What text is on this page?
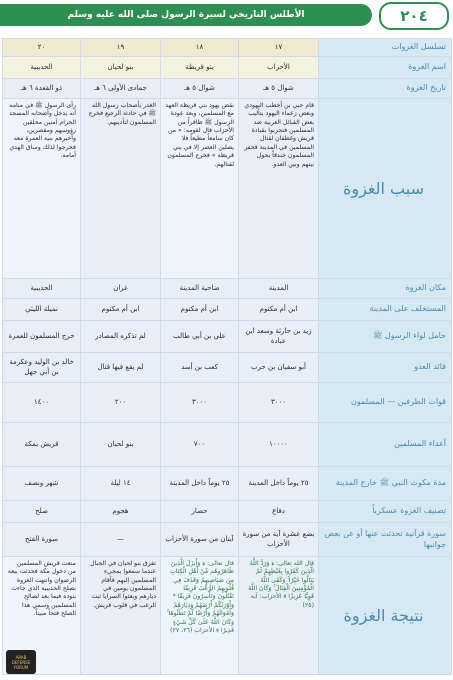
الأطلس التاريخي لسيرة الرسول صلى الله عليه وسلم	٢٠٤
تسلسل الغزوات	١٧	١٨	١٩	٢٠
اسم الغزوة	الأحزاب	بنو قريظة	بنو لحيان	الحديبية
تاريخ الغزوة	شوال ٥ هـ	شوال ٥ هـ	جمادى الأولى ٦ هـ	ذو القعدة ٦ هـ
سبب الغزوة	قام حيي بن أخطب اليهودي وبعض زعماء اليهود بتأليب بعض القبائل العربية ضد المسلمين فتحزبوا بقيادة قريش وغطفان لقتال المسلمين في المدينة فحفر المسلمون خندقاً يحول بينهم وبين العدو.	نقض يهود بني قريظة العهد مع المسلمين، وبعد عودة الرسول ﷺ ظافراً من الأحزاب قال لقومه: « من كان سامعاً مطيعاً فلا يصلين العصر إلا في بني قريظة » فخرج المسلمون لقتالهم.	الغدر بأصحاب رسول الله ﷺ في حادثة الرجيع فخرج المسلمون لتأديبهم.	رأى الرسول ﷺ في منامه أنه يدخل وأصحابه المسجد الحرام آمنين محلقين رؤوسهم ومقصرين، وأخبرهم بنية العمرة معه فخرجوا لذلك وساق الهدي أمامه.
مكان الغزوة	المدينة	ضاحية المدينة	غران	الحديبية
المستخلف على المدينة	ابن أم مكتوم	ابن أم مكتوم	ابن أم مكتوم	نميلة الليثي
حامل لواء الرسول ﷺ	زيد بن حارثة وسعد ابن عبادة	علي بن أبي طالب	لم تذكره المصادر	خرج المسلمون للعمرة
قائد العدو	أبو سفيان بن حرب	كعب بن أسد	لم يقع فيها قتال	خالد بن الوليد وعكرمة بن أبي جهل
قوات الطرفين — المسلمون	٣٠٠٠	٣٠٠٠	٢٠٠	١٤٠٠
أعداء المسلمين	١٠٠٠٠	٧٠٠	بنو لحيان	قريش بمكة
مدة مكوث النبي ﷺ خارج المدينة	٢٥ يوماً داخل المدينة	٢٥ يوماً داخل المدينة	١٤ ليلة	شهر ونصف
تصنيف الغزوة عسكرياً	دفاع	حصار	هجوم	صلح
سورة قرآنية تحدثت عنها أو عن بعض جوانبها	بضع عشرة آية من سورة الأحزاب	آيتان من سورة الأحزاب	—	سورة الفتح
نتيجة الغزوة	قال الله تعالى: ﴿ وَرَدَّ اللَّهُ الَّذِينَ كَفَرُوا بِغَيْظِهِمْ لَمْ يَنَالُوا خَيْرًا ۚ وَكَفَى اللَّهُ الْمُؤْمِنِينَ الْقِتَالَ ۚ وَكَانَ اللَّهُ قَوِيًّا عَزِيزًا ﴾ الأحزاب: آية (٢٥)	قال تعالى: ﴿ وَأَنزَلَ الَّذِينَ ظَاهَرُوهُم مِّنْ أَهْلِ الْكِتَابِ مِن صَيَاصِيهِمْ وَقَذَفَ فِي قُلُوبِهِمُ الرُّعْبَ فَرِيقًا تَقْتُلُونَ وَتَأْسِرُونَ فَرِيقًا * وَأَوْرَثَكُمْ أَرْضَهُمْ وَدِيَارَهُمْ وَأَمْوَالَهُمْ وَأَرْضًا لَّمْ تَطَئُوهَا ۚ وَكَانَ اللَّهُ عَلَىٰ كُلِّ شَيْءٍ قَدِيرًا ﴾ الأحزاب (٢٦، ٢٧)	تفرق بنو لحيان في الجبال عندما سمعوا بمجيء المسلمين إليهم فأقام المسلمون يومين في ديارهم وبعثوا السرايا ثبت الرعب في قلوب قريش.	منعت قريش المسلمين من دخول مكة فحدثت بيعة الرضوان وانتهت الغزوة بصلح الحديبية الذي جاءت بنوده فيما بعد لصالح المسلمين وسمي هذا الصلح فتحاً مبيناً.
ARAB DEFENSE FORUM
